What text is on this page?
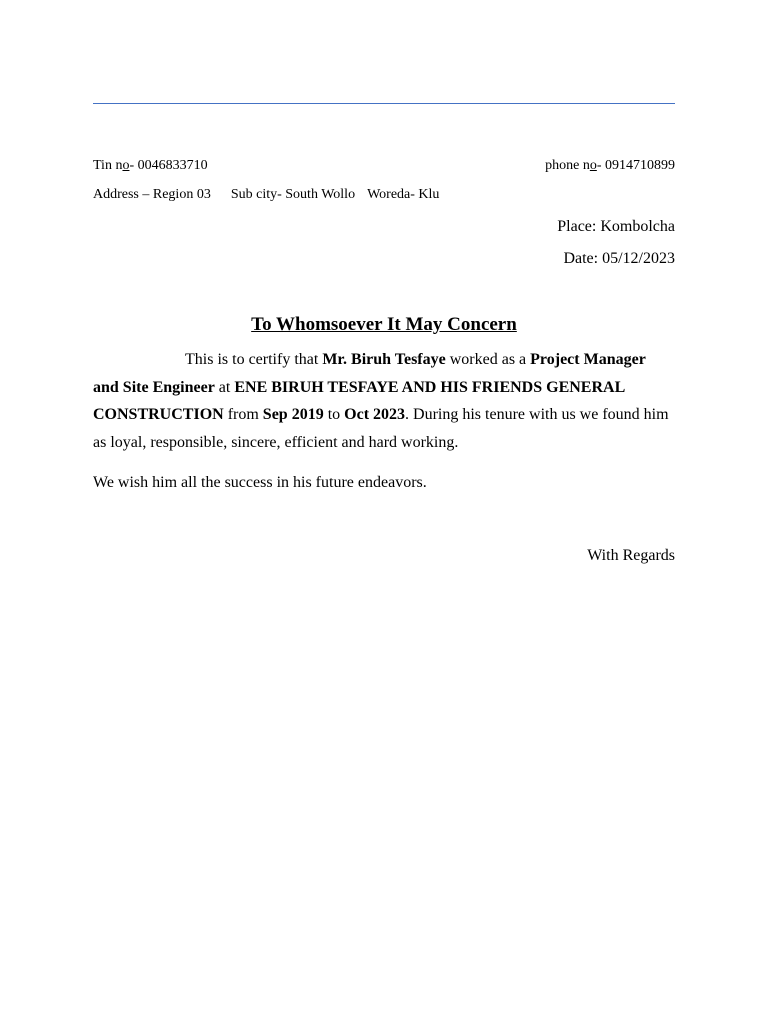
Tin no- 0046833710	phone no- 0914710899
Address – Region 03 Sub city- South Wollo Woreda- Klu
Place: Kombolcha
Date: 05/12/2023
To Whomsoever It May Concern
This is to certify that Mr. Biruh Tesfaye worked as a Project Manager and Site Engineer at ENE BIRUH TESFAYE AND HIS FRIENDS GENERAL CONSTRUCTION from Sep 2019 to Oct 2023. During his tenure with us we found him as loyal, responsible, sincere, efficient and hard working.
We wish him all the success in his future endeavors.
With Regards
